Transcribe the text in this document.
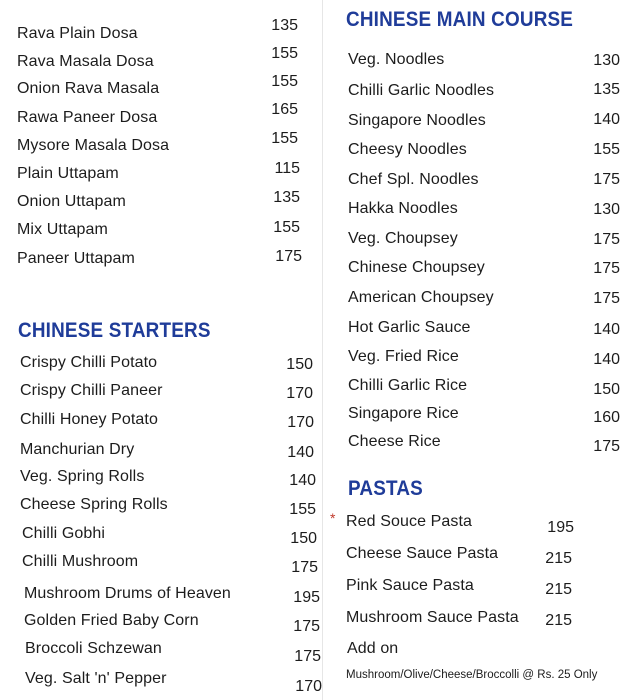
Rava Plain Dosa	135
Rava Masala Dosa	155
Onion Rava Masala	155
Rawa Paneer Dosa	165
Mysore Masala Dosa	155
Plain Uttapam	115
Onion Uttapam	135
Mix Uttapam	155
Paneer Uttapam	175
CHINESE STARTERS
Crispy Chilli Potato	150
Crispy Chilli Paneer	170
Chilli Honey Potato	170
Manchurian Dry	140
Veg. Spring Rolls	140
Cheese Spring Rolls	155
Chilli Gobhi	150
Chilli Mushroom	175
Mushroom Drums of Heaven	195
Golden Fried Baby Corn	175
Broccoli Schzewan	175
Veg. Salt 'n' Pepper	170
CHINESE MAIN COURSE
Veg. Noodles	130
Chilli Garlic Noodles	135
Singapore Noodles	140
Cheesy Noodles	155
Chef Spl. Noodles	175
Hakka Noodles	130
Veg. Choupsey	175
Chinese Choupsey	175
American Choupsey	175
Hot Garlic Sauce	140
Veg. Fried Rice	140
Chilli Garlic Rice	150
Singapore Rice	160
Cheese Rice	175
PASTAS
* Red Souce Pasta	195
Cheese Sauce Pasta	215
Pink Sauce Pasta	215
Mushroom Sauce Pasta	215
Add on
Mushroom/Olive/Cheese/Broccolli @ Rs. 25 Only
